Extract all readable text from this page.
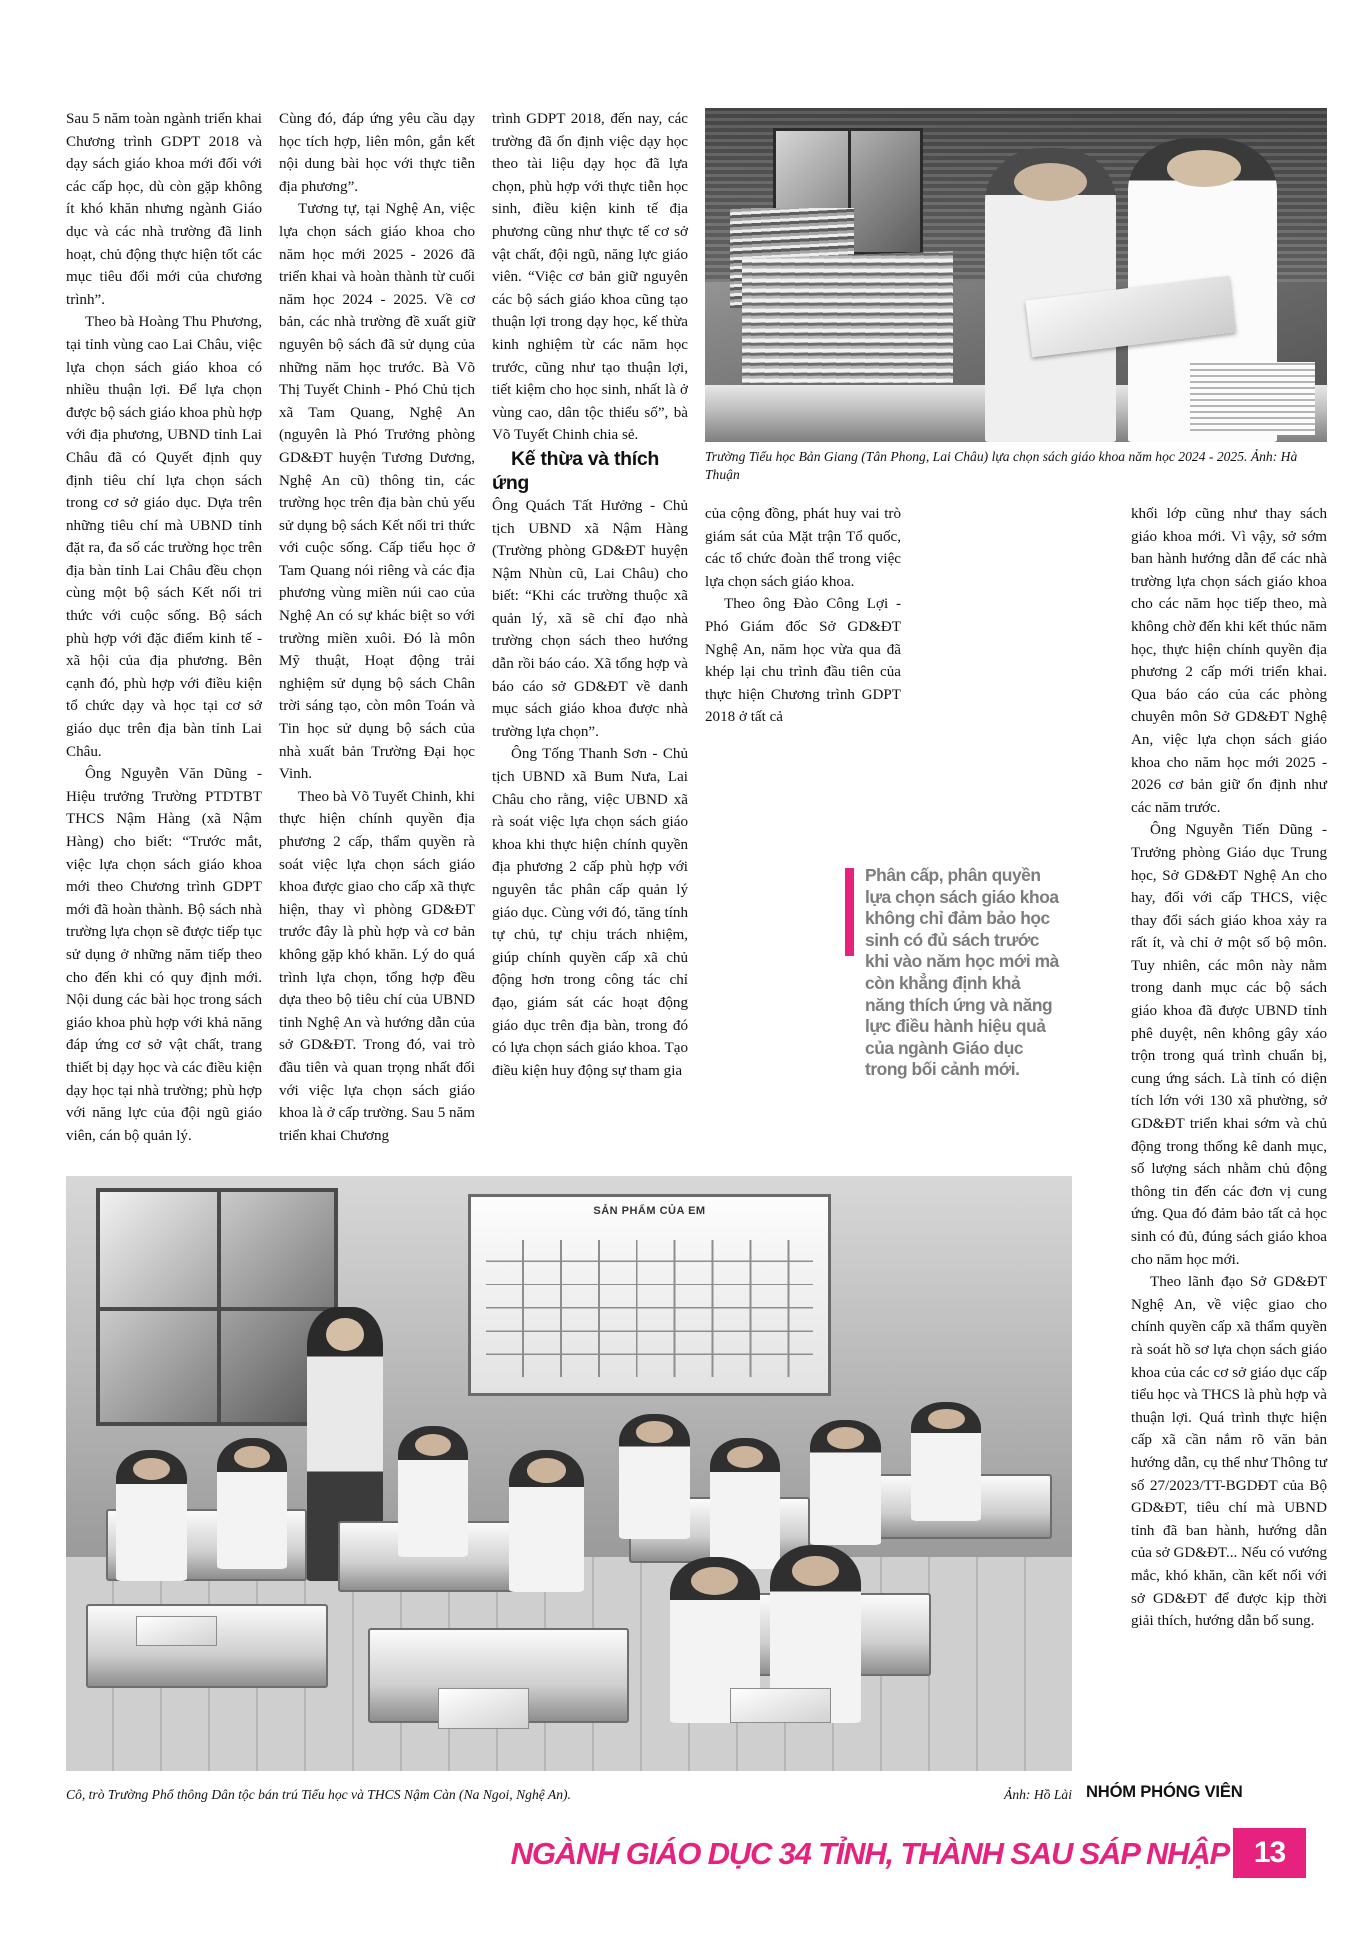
Sau 5 năm toàn ngành triển khai Chương trình GDPT 2018 và dạy sách giáo khoa mới đối với các cấp học, dù còn gặp không ít khó khăn nhưng ngành Giáo dục và các nhà trường đã linh hoạt, chủ động thực hiện tốt các mục tiêu đổi mới của chương trình”.

Theo bà Hoàng Thu Phương, tại tỉnh vùng cao Lai Châu, việc lựa chọn sách giáo khoa có nhiều thuận lợi. Để lựa chọn được bộ sách giáo khoa phù hợp với địa phương, UBND tỉnh Lai Châu đã có Quyết định quy định tiêu chí lựa chọn sách trong cơ sở giáo dục. Dựa trên những tiêu chí mà UBND tỉnh đặt ra, đa số các trường học trên địa bàn tỉnh Lai Châu đều chọn cùng một bộ sách Kết nối tri thức với cuộc sống. Bộ sách phù hợp với đặc điểm kinh tế - xã hội của địa phương. Bên cạnh đó, phù hợp với điều kiện tổ chức dạy và học tại cơ sở giáo dục trên địa bàn tỉnh Lai Châu.

Ông Nguyễn Văn Dũng - Hiệu trưởng Trường PTDTBT THCS Nậm Hàng (xã Nậm Hàng) cho biết: “Trước mắt, việc lựa chọn sách giáo khoa mới theo Chương trình GDPT mới đã hoàn thành. Bộ sách nhà trường lựa chọn sẽ được tiếp tục sử dụng ở những năm tiếp theo cho đến khi có quy định mới. Nội dung các bài học trong sách giáo khoa phù hợp với khả năng đáp ứng cơ sở vật chất, trang thiết bị dạy học và các điều kiện dạy học tại nhà trường; phù hợp với năng lực của đội ngũ giáo viên, cán bộ quản lý.

Cùng đó, đáp ứng yêu cầu dạy học tích hợp, liên môn, gắn kết nội dung bài học với thực tiễn địa phương”.

Tương tự, tại Nghệ An, việc lựa chọn sách giáo khoa cho năm học mới 2025 - 2026 đã triển khai và hoàn thành từ cuối năm học 2024 - 2025. Về cơ bản, các nhà trường đề xuất giữ nguyên bộ sách đã sử dụng của những năm học trước. Bà Võ Thị Tuyết Chinh - Phó Chủ tịch xã Tam Quang, Nghệ An (nguyên là Phó Trưởng phòng GD&ĐT huyện Tương Dương, Nghệ An cũ) thông tin, các trường học trên địa bàn chủ yếu sử dụng bộ sách Kết nối tri thức với cuộc sống. Cấp tiểu học ở Tam Quang nói riêng và các địa phương vùng miền núi cao của Nghệ An có sự khác biệt so với trường miền xuôi. Đó là môn Mỹ thuật, Hoạt động trải nghiệm sử dụng bộ sách Chân trời sáng tạo, còn môn Toán và Tin học sử dụng bộ sách của nhà xuất bản Trường Đại học Vinh.

Theo bà Võ Tuyết Chinh, khi thực hiện chính quyền địa phương 2 cấp, thẩm quyền rà soát việc lựa chọn sách giáo khoa được giao cho cấp xã thực hiện, thay vì phòng GD&ĐT trước đây là phù hợp và cơ bản không gặp khó khăn. Lý do quá trình lựa chọn, tổng hợp đều dựa theo bộ tiêu chí của UBND tỉnh Nghệ An và hướng dẫn của sở GD&ĐT. Trong đó, vai trò đầu tiên và quan trọng nhất đối với việc lựa chọn sách giáo khoa là ở cấp trường. Sau 5 năm triển khai Chương

trình GDPT 2018, đến nay, các trường đã ổn định việc dạy học theo tài liệu dạy học đã lựa chọn, phù hợp với thực tiễn học sinh, điều kiện kinh tế địa phương cũng như thực tế cơ sở vật chất, đội ngũ, năng lực giáo viên. “Việc cơ bản giữ nguyên các bộ sách giáo khoa cũng tạo thuận lợi trong dạy học, kế thừa kinh nghiệm từ các năm học trước, cũng như tạo thuận lợi, tiết kiệm cho học sinh, nhất là ở vùng cao, dân tộc thiểu số”, bà Võ Tuyết Chinh chia sẻ.

Kế thừa và thích ứng

Ông Quách Tất Hưởng - Chủ tịch UBND xã Nậm Hàng (Trường phòng GD&ĐT huyện Nậm Nhùn cũ, Lai Châu) cho biết: “Khi các trường thuộc xã quản lý, xã sẽ chỉ đạo nhà trường chọn sách theo hướng dẫn rồi báo cáo. Xã tổng hợp và báo cáo sở GD&ĐT về danh mục sách giáo khoa được nhà trường lựa chọn”.

Ông Tống Thanh Sơn - Chủ tịch UBND xã Bum Nưa, Lai Châu cho rằng, việc UBND xã rà soát việc lựa chọn sách giáo khoa khi thực hiện chính quyền địa phương 2 cấp phù hợp với nguyên tắc phân cấp quản lý giáo dục. Cùng với đó, tăng tính tự chủ, tự chịu trách nhiệm, giúp chính quyền cấp xã chủ động hơn trong công tác chỉ đạo, giám sát các hoạt động giáo dục trên địa bàn, trong đó có lựa chọn sách giáo khoa. Tạo điều kiện huy động sự tham gia

Trường Tiểu học Bản Giang (Tân Phong, Lai Châu) lựa chọn sách giáo khoa năm học 2024 - 2025. Ảnh: Hà Thuận

của cộng đồng, phát huy vai trò giám sát của Mặt trận Tổ quốc, các tổ chức đoàn thể trong việc lựa chọn sách giáo khoa.

Theo ông Đào Công Lợi - Phó Giám đốc Sở GD&ĐT Nghệ An, năm học vừa qua đã khép lại chu trình đầu tiên của thực hiện Chương trình GDPT 2018 ở tất cả

khối lớp cũng như thay sách giáo khoa mới. Vì vậy, sở sớm ban hành hướng dẫn để các nhà trường lựa chọn sách giáo khoa cho các năm học tiếp theo, mà không chờ đến khi kết thúc năm học, thực hiện chính quyền địa phương 2 cấp mới triển khai. Qua báo cáo của các phòng chuyên môn Sở GD&ĐT Nghệ An, việc lựa chọn sách giáo khoa cho năm học mới 2025 - 2026 cơ bản giữ ổn định như các năm trước.

Ông Nguyễn Tiến Dũng - Trưởng phòng Giáo dục Trung học, Sở GD&ĐT Nghệ An cho hay, đối với cấp THCS, việc thay đổi sách giáo khoa xảy ra rất ít, và chỉ ở một số bộ môn. Tuy nhiên, các môn này nằm trong danh mục các bộ sách giáo khoa đã được UBND tỉnh phê duyệt, nên không gây xáo trộn trong quá trình chuẩn bị, cung ứng sách. Là tỉnh có diện tích lớn với 130 xã phường, sở GD&ĐT triển khai sớm và chủ động trong thống kê danh mục, số lượng sách nhằm chủ động thông tin đến các đơn vị cung ứng. Qua đó đảm bảo tất cả học sinh có đủ, đúng sách giáo khoa cho năm học mới.

Theo lãnh đạo Sở GD&ĐT Nghệ An, về việc giao cho chính quyền cấp xã thẩm quyền rà soát hồ sơ lựa chọn sách giáo khoa của các cơ sở giáo dục cấp tiểu học và THCS là phù hợp và thuận lợi. Quá trình thực hiện cấp xã cần nắm rõ văn bản hướng dẫn, cụ thể như Thông tư số 27/2023/TT-BGDĐT của Bộ GD&ĐT, tiêu chí mà UBND tỉnh đã ban hành, hướng dẫn của sở GD&ĐT... Nếu có vướng mắc, khó khăn, cần kết nối với sở GD&ĐT để được kịp thời giải thích, hướng dẫn bổ sung.

Phân cấp, phân quyền lựa chọn sách giáo khoa không chỉ đảm bảo học sinh có đủ sách trước khi vào năm học mới mà còn khẳng định khả năng thích ứng và năng lực điều hành hiệu quả của ngành Giáo dục trong bối cảnh mới.
SẢN PHẨM CỦA EM
Cô, trò Trường Phổ thông Dân tộc bán trú Tiểu học và THCS Nậm Càn (Na Ngoi, Nghệ An).	Ảnh: Hồ Lài NHÓM PHÓNG VIÊN
NGÀNH GIÁO DỤC 34 TỈNH, THÀNH SAU SÁP NHẬP 13
